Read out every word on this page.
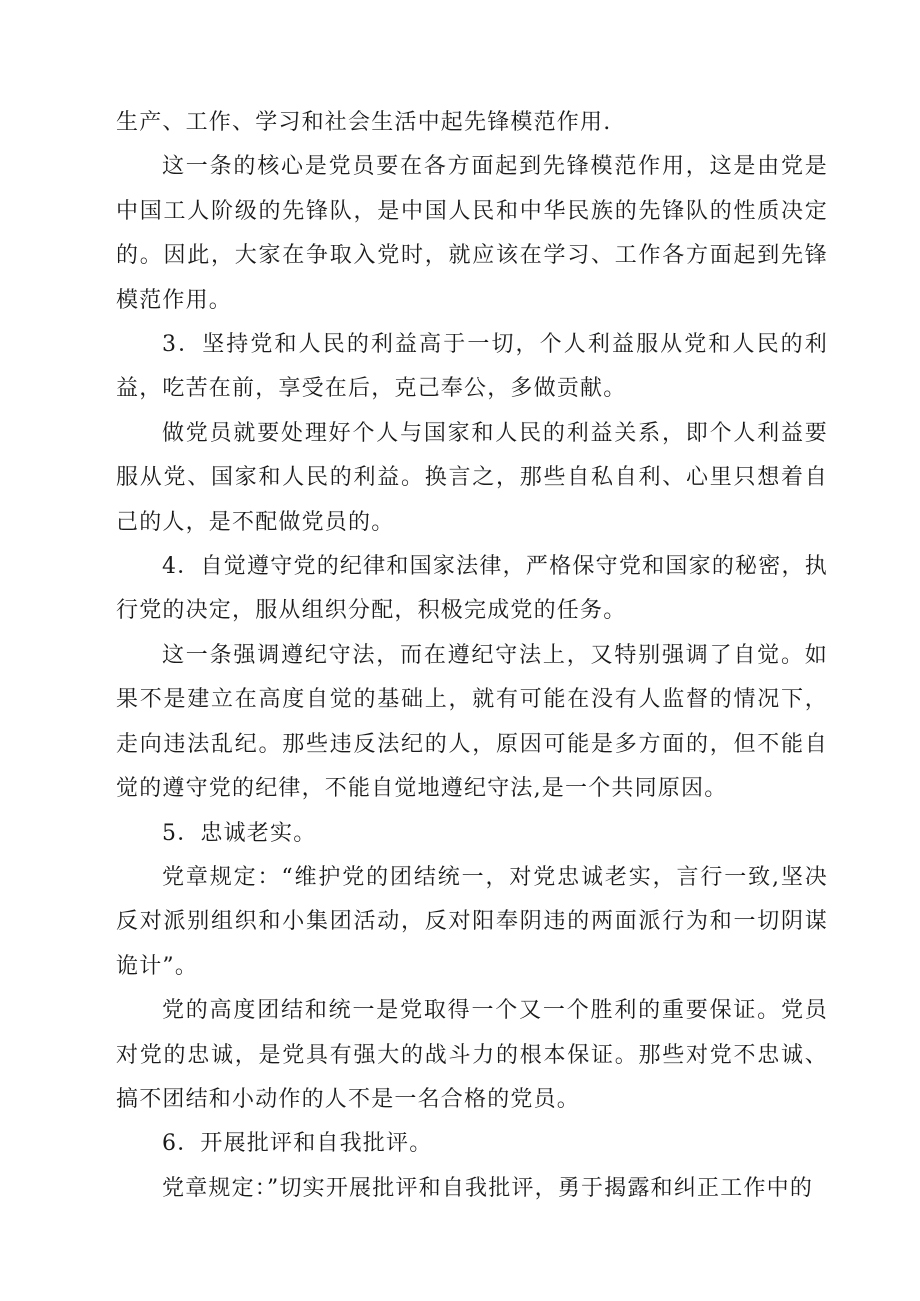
生产、工作、学习和社会生活中起先锋模范作用.

这一条的核心是党员要在各方面起到先锋模范作用，这是由党是中国工人阶级的先锋队，是中国人民和中华民族的先锋队的性质决定的。因此，大家在争取入党时，就应该在学习、工作各方面起到先锋模范作用。

3．坚持党和人民的利益高于一切，个人利益服从党和人民的利益，吃苦在前，享受在后，克己奉公，多做贡献。

做党员就要处理好个人与国家和人民的利益关系，即个人利益要服从党、国家和人民的利益。换言之，那些自私自利、心里只想着自己的人，是不配做党员的。

4．自觉遵守党的纪律和国家法律，严格保守党和国家的秘密，执行党的决定，服从组织分配，积极完成党的任务。

这一条强调遵纪守法，而在遵纪守法上，又特别强调了自觉。如果不是建立在高度自觉的基础上，就有可能在没有人监督的情况下，走向违法乱纪。那些违反法纪的人，原因可能是多方面的，但不能自觉的遵守党的纪律，不能自觉地遵纪守法,是一个共同原因。

5．忠诚老实。

党章规定：“维护党的团结统一，对党忠诚老实，言行一致,坚决反对派别组织和小集团活动，反对阳奉阴违的两面派行为和一切阴谋诡计”。

党的高度团结和统一是党取得一个又一个胜利的重要保证。党员对党的忠诚，是党具有强大的战斗力的根本保证。那些对党不忠诚、搞不团结和小动作的人不是一名合格的党员。

6．开展批评和自我批评。

党章规定：”切实开展批评和自我批评，勇于揭露和纠正工作中的
